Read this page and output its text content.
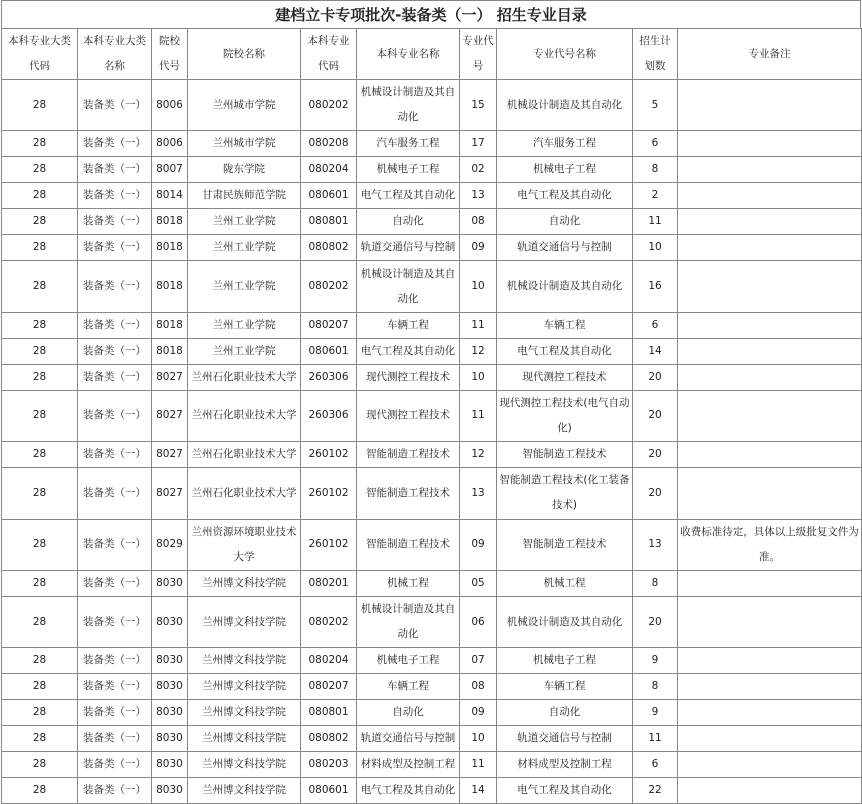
建档立卡专项批次-装备类（一） 招生专业目录
本科专业大类代码	本科专业大类名称	院校代号	院校名称	本科专业代码	本科专业名称	专业代号	专业代号名称	招生计划数	专业备注
28	装备类（一）	8006	兰州城市学院	080202	机械设计制造及其自动化	15	机械设计制造及其自动化	5	
28	装备类（一）	8006	兰州城市学院	080208	汽车服务工程	17	汽车服务工程	6	
28	装备类（一）	8007	陇东学院	080204	机械电子工程	02	机械电子工程	8	
28	装备类（一）	8014	甘肃民族师范学院	080601	电气工程及其自动化	13	电气工程及其自动化	2	
28	装备类（一）	8018	兰州工业学院	080801	自动化	08	自动化	11	
28	装备类（一）	8018	兰州工业学院	080802	轨道交通信号与控制	09	轨道交通信号与控制	10	
28	装备类（一）	8018	兰州工业学院	080202	机械设计制造及其自动化	10	机械设计制造及其自动化	16	
28	装备类（一）	8018	兰州工业学院	080207	车辆工程	11	车辆工程	6	
28	装备类（一）	8018	兰州工业学院	080601	电气工程及其自动化	12	电气工程及其自动化	14	
28	装备类（一）	8027	兰州石化职业技术大学	260306	现代测控工程技术	10	现代测控工程技术	20	
28	装备类（一）	8027	兰州石化职业技术大学	260306	现代测控工程技术	11	现代测控工程技术(电气自动化)	20	
28	装备类（一）	8027	兰州石化职业技术大学	260102	智能制造工程技术	12	智能制造工程技术	20	
28	装备类（一）	8027	兰州石化职业技术大学	260102	智能制造工程技术	13	智能制造工程技术(化工装备技术)	20	
28	装备类（一）	8029	兰州资源环境职业技术大学	260102	智能制造工程技术	09	智能制造工程技术	13	收费标准待定，具体以上级批复文件为准。
28	装备类（一）	8030	兰州博文科技学院	080201	机械工程	05	机械工程	8	
28	装备类（一）	8030	兰州博文科技学院	080202	机械设计制造及其自动化	06	机械设计制造及其自动化	20	
28	装备类（一）	8030	兰州博文科技学院	080204	机械电子工程	07	机械电子工程	9	
28	装备类（一）	8030	兰州博文科技学院	080207	车辆工程	08	车辆工程	8	
28	装备类（一）	8030	兰州博文科技学院	080801	自动化	09	自动化	9	
28	装备类（一）	8030	兰州博文科技学院	080802	轨道交通信号与控制	10	轨道交通信号与控制	11	
28	装备类（一）	8030	兰州博文科技学院	080203	材料成型及控制工程	11	材料成型及控制工程	6	
28	装备类（一）	8030	兰州博文科技学院	080601	电气工程及其自动化	14	电气工程及其自动化	22	
